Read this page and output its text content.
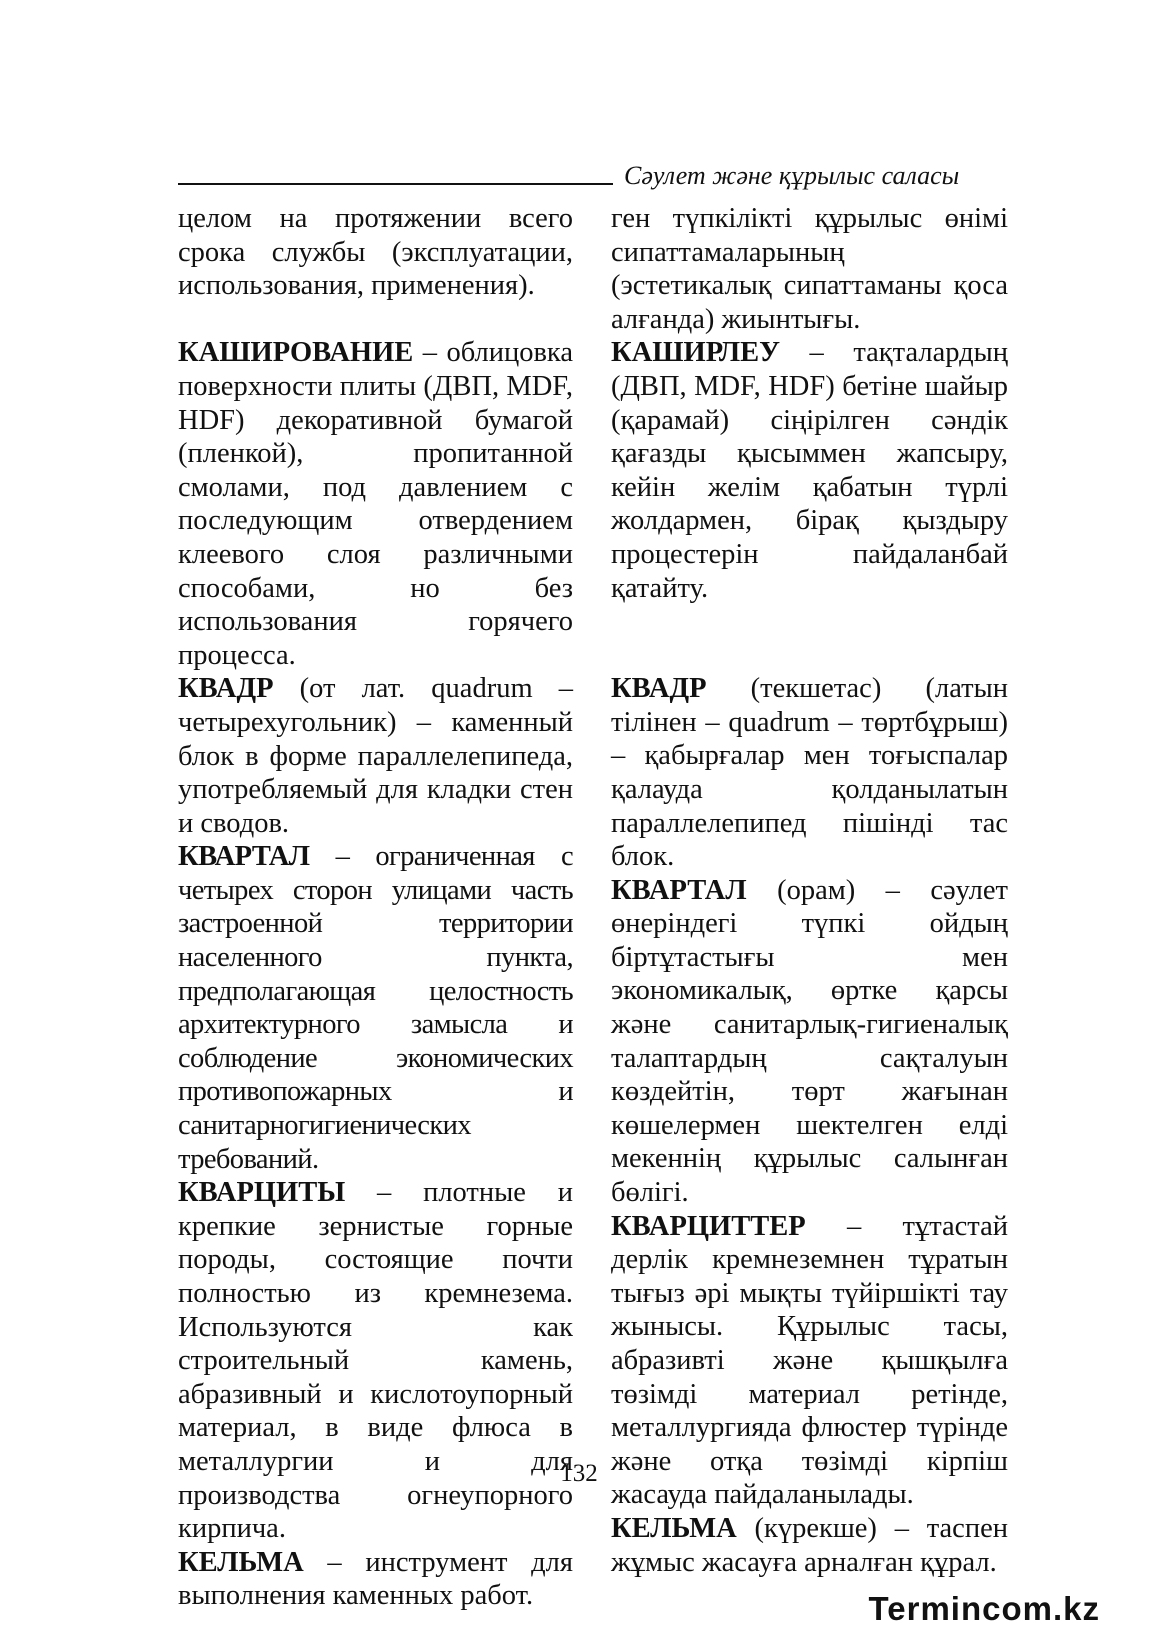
Сәулет және құрылыс саласы

целом на протяжении всего срока службы (эксплуатации, использования, применения).

КАШИРОВАНИЕ – облицовка поверхности плиты (ДВП, MDF, HDF) декоративной бумагой (пленкой), пропитанной смолами, под давлением с последующим отвердением клеевого слоя различными способами, но без использования горячего процесса.

КВАДР (от лат. quadrum – четырехугольник) – каменный блок в форме параллелепипеда, употребляемый для кладки стен и сводов.

КВАРТАЛ – ограниченная с четырех сторон улицами часть застроенной территории населенного пункта, предполагающая целостность архитектурного замысла и соблюдение экономических противопожарных и санитарногигиенических требований.

КВАРЦИТЫ – плотные и крепкие зернистые горные породы, состоящие почти полностью из кремнезема. Используются как строительный камень, абразивный и кислотоупорный материал, в виде флюса в металлургии и для производства огнеупорного кирпича.

КЕЛЬМА – инструмент для выполнения каменных работ.

ген түпкілікті құрылыс өнімі сипаттамаларының (эстетикалық сипаттаманы қоса алғанда) жиынтығы.

КАШИРЛЕУ – тақталардың (ДВП, MDF, HDF) бетіне шайыр (қарамай) сіңірілген сәндік қағазды қысыммен жапсыру, кейін желім қабатын түрлі жолдармен, бірақ қыздыру процестерін пайдаланбай қатайту.

КВАДР (текшетас) (латын тілінен – quadrum – төртбұрыш) – қабырғалар мен тоғыспалар қалауда қолданылатын параллелепипед пішінді тас блок.

КВАРТАЛ (орам) – сәулет өнеріндегі түпкі ойдың біртұтастығы мен экономикалық, өртке қарсы және санитарлық-гигиеналық талаптардың сақталуын көздейтін, төрт жағынан көшелермен шектелген елді мекеннің құрылыс салынған бөлігі.

КВАРЦИТТЕР – тұтастай дерлік кремнеземнен тұратын тығыз әрі мықты түйіршікті тау жынысы. Құрылыс тасы, абразивті және қышқылға төзімді материал ретінде, металлургияда флюстер түрінде және отқа төзімді кірпіш жасауда пайдаланылады.

КЕЛЬМА (күрекше) – таспен жұмыс жасауға арналған құрал.

132
Termincom.kz
